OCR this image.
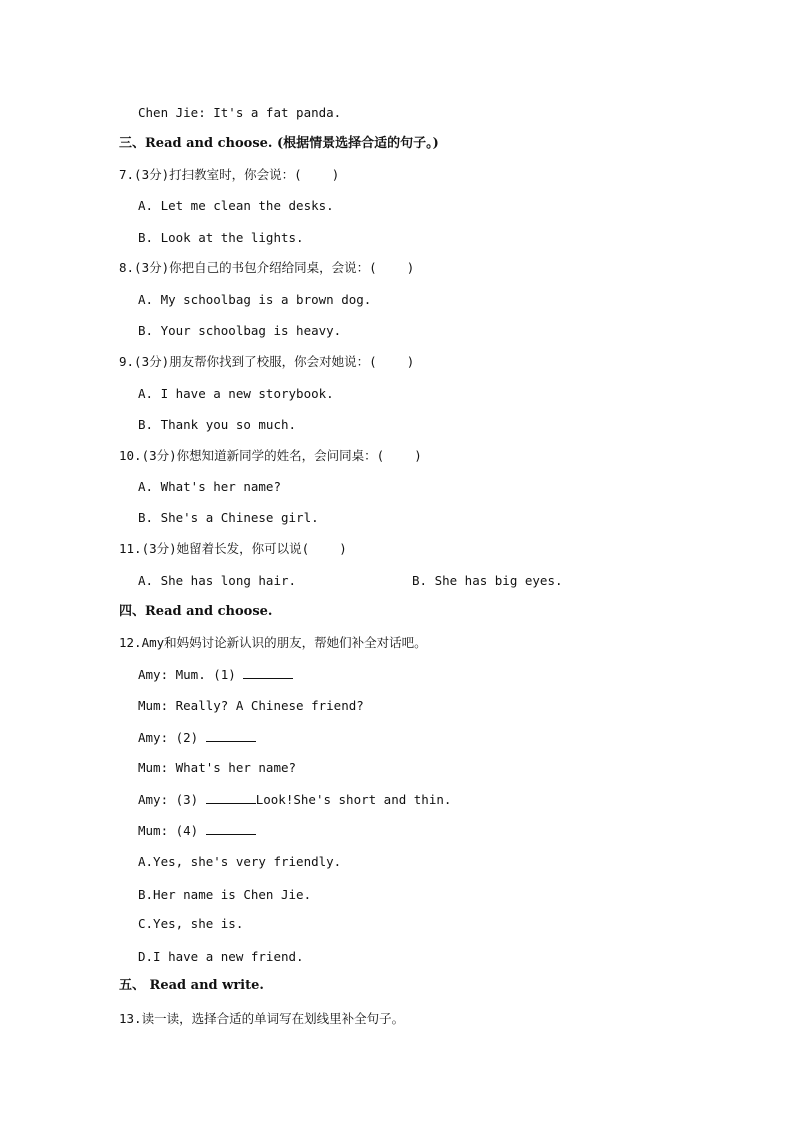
Chen Jie: It's a fat panda.
三、Read and choose. (根据情景选择合适的句子。)
7.(3分)打扫教室时，你会说：(    )
A. Let me clean the desks.
B. Look at the lights.
8.(3分)你把自己的书包介绍给同桌，会说：(    )
A. My schoolbag is a brown dog.
B. Your schoolbag is heavy.
9.(3分)朋友帮你找到了校服，你会对她说：(    )
A. I have a new storybook.
B. Thank you so much.
10.(3分)你想知道新同学的姓名，会问同桌：(    )
A. What's her name?
B. She's a Chinese girl.
11.(3分)她留着长发，你可以说(    )
A. She has long hair.	B. She has big eyes.
四、Read and choose.
12.Amy和妈妈讨论新认识的朋友，帮她们补全对话吧。
Amy: Mum. (1)
Mum: Really? A Chinese friend?
Amy: (2)
Mum: What's her name?
Amy: (3)	Look!She's short and thin.
Mum: (4)
A.Yes, she's very friendly.
B.Her name is Chen Jie.
C.Yes, she is.
D.I have a new friend.
五、 Read and write.
13.读一读，选择合适的单词写在划线里补全句子。
